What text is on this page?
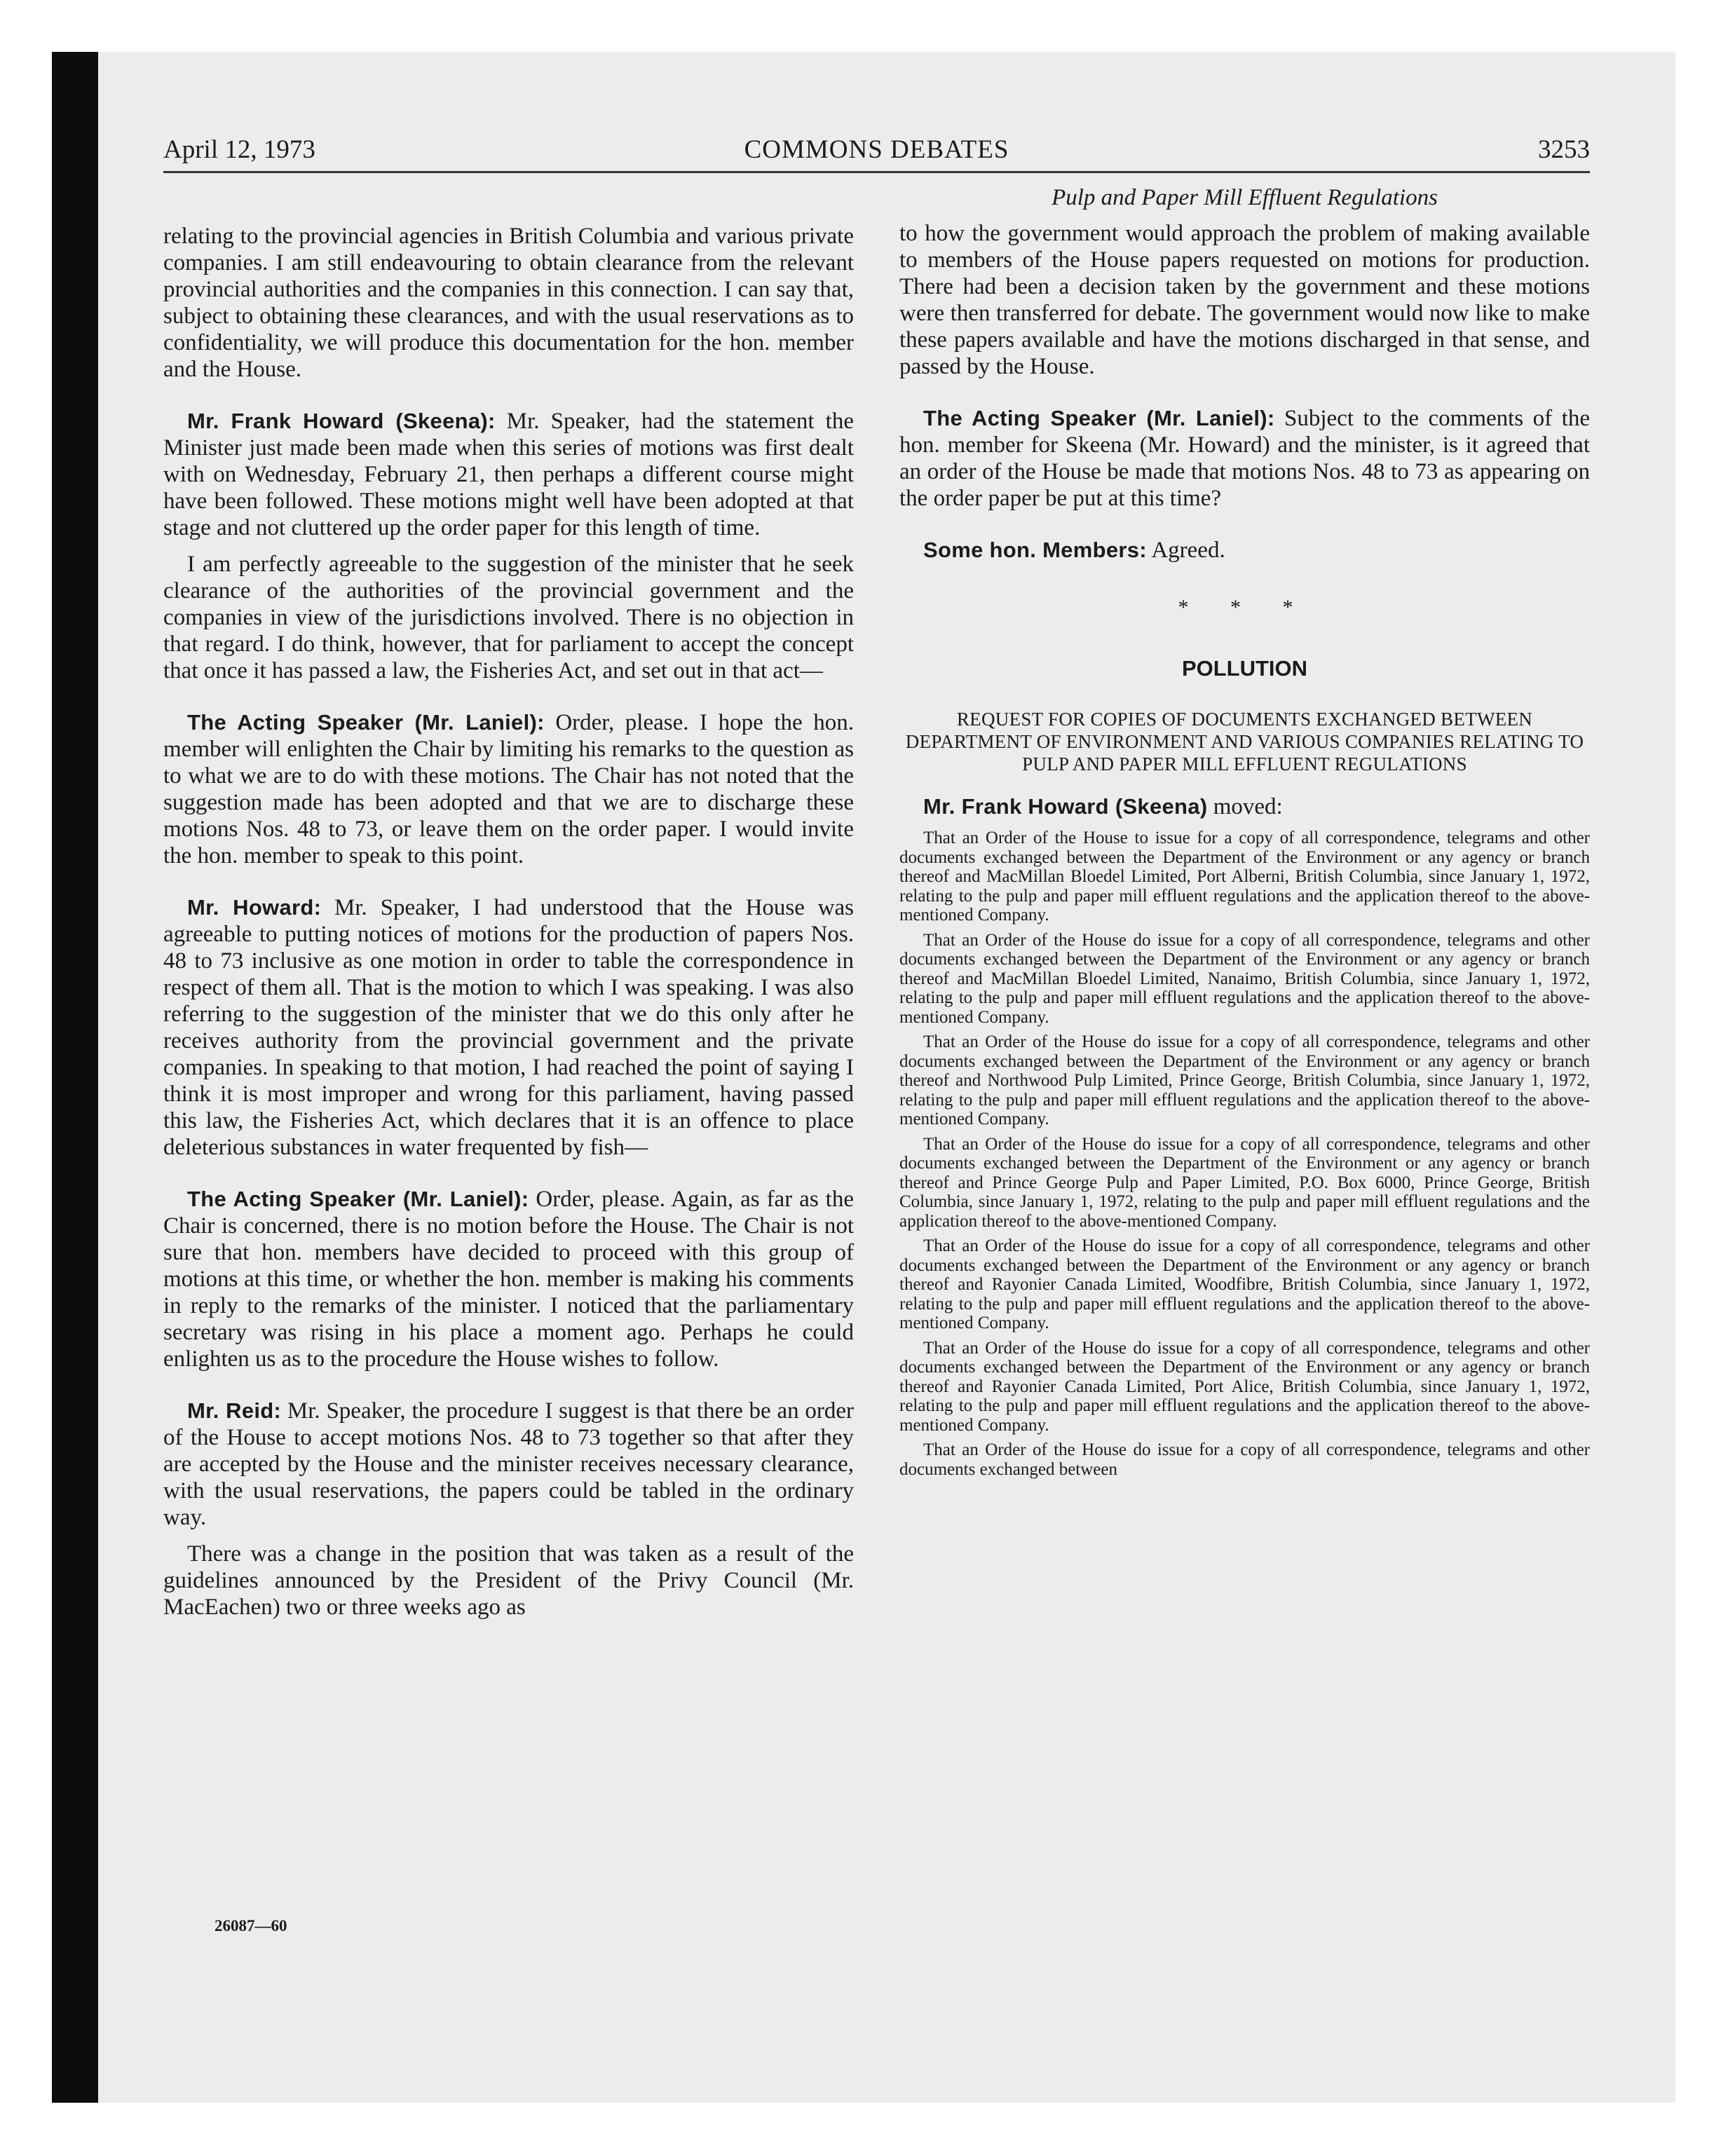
April 12, 1973	COMMONS DEBATES	3253

relating to the provincial agencies in British Columbia and various private companies. I am still endeavouring to obtain clearance from the relevant provincial authorities and the companies in this connection. I can say that, subject to obtaining these clearances, and with the usual reservations as to confidentiality, we will produce this documentation for the hon. member and the House.

Mr. Frank Howard (Skeena): Mr. Speaker, had the statement the Minister just made been made when this series of motions was first dealt with on Wednesday, February 21, then perhaps a different course might have been followed. These motions might well have been adopted at that stage and not cluttered up the order paper for this length of time.

I am perfectly agreeable to the suggestion of the minister that he seek clearance of the authorities of the provincial government and the companies in view of the jurisdictions involved. There is no objection in that regard. I do think, however, that for parliament to accept the concept that once it has passed a law, the Fisheries Act, and set out in that act—

The Acting Speaker (Mr. Laniel): Order, please. I hope the hon. member will enlighten the Chair by limiting his remarks to the question as to what we are to do with these motions. The Chair has not noted that the suggestion made has been adopted and that we are to discharge these motions Nos. 48 to 73, or leave them on the order paper. I would invite the hon. member to speak to this point.

Mr. Howard: Mr. Speaker, I had understood that the House was agreeable to putting notices of motions for the production of papers Nos. 48 to 73 inclusive as one motion in order to table the correspondence in respect of them all. That is the motion to which I was speaking. I was also referring to the suggestion of the minister that we do this only after he receives authority from the provincial government and the private companies. In speaking to that motion, I had reached the point of saying I think it is most improper and wrong for this parliament, having passed this law, the Fisheries Act, which declares that it is an offence to place deleterious substances in water frequented by fish—

The Acting Speaker (Mr. Laniel): Order, please. Again, as far as the Chair is concerned, there is no motion before the House. The Chair is not sure that hon. members have decided to proceed with this group of motions at this time, or whether the hon. member is making his comments in reply to the remarks of the minister. I noticed that the parliamentary secretary was rising in his place a moment ago. Perhaps he could enlighten us as to the procedure the House wishes to follow.

Mr. Reid: Mr. Speaker, the procedure I suggest is that there be an order of the House to accept motions Nos. 48 to 73 together so that after they are accepted by the House and the minister receives necessary clearance, with the usual reservations, the papers could be tabled in the ordinary way.

There was a change in the position that was taken as a result of the guidelines announced by the President of the Privy Council (Mr. MacEachen) two or three weeks ago as

Pulp and Paper Mill Effluent Regulations

to how the government would approach the problem of making available to members of the House papers requested on motions for production. There had been a decision taken by the government and these motions were then transferred for debate. The government would now like to make these papers available and have the motions discharged in that sense, and passed by the House.

The Acting Speaker (Mr. Laniel): Subject to the comments of the hon. member for Skeena (Mr. Howard) and the minister, is it agreed that an order of the House be made that motions Nos. 48 to 73 as appearing on the order paper be put at this time?

Some hon. Members: Agreed.

* * *

POLLUTION

REQUEST FOR COPIES OF DOCUMENTS EXCHANGED BETWEEN DEPARTMENT OF ENVIRONMENT AND VARIOUS COMPANIES RELATING TO PULP AND PAPER MILL EFFLUENT REGULATIONS

Mr. Frank Howard (Skeena) moved:

That an Order of the House to issue for a copy of all correspondence, telegrams and other documents exchanged between the Department of the Environment or any agency or branch thereof and MacMillan Bloedel Limited, Port Alberni, British Columbia, since January 1, 1972, relating to the pulp and paper mill effluent regulations and the application thereof to the above-mentioned Company.

That an Order of the House do issue for a copy of all correspondence, telegrams and other documents exchanged between the Department of the Environment or any agency or branch thereof and MacMillan Bloedel Limited, Nanaimo, British Columbia, since January 1, 1972, relating to the pulp and paper mill effluent regulations and the application thereof to the above-mentioned Company.

That an Order of the House do issue for a copy of all correspondence, telegrams and other documents exchanged between the Department of the Environment or any agency or branch thereof and Northwood Pulp Limited, Prince George, British Columbia, since January 1, 1972, relating to the pulp and paper mill effluent regulations and the application thereof to the above-mentioned Company.

That an Order of the House do issue for a copy of all correspondence, telegrams and other documents exchanged between the Department of the Environment or any agency or branch thereof and Prince George Pulp and Paper Limited, P.O. Box 6000, Prince George, British Columbia, since January 1, 1972, relating to the pulp and paper mill effluent regulations and the application thereof to the above-mentioned Company.

That an Order of the House do issue for a copy of all correspondence, telegrams and other documents exchanged between the Department of the Environment or any agency or branch thereof and Rayonier Canada Limited, Woodfibre, British Columbia, since January 1, 1972, relating to the pulp and paper mill effluent regulations and the application thereof to the above-mentioned Company.

That an Order of the House do issue for a copy of all correspondence, telegrams and other documents exchanged between the Department of the Environment or any agency or branch thereof and Rayonier Canada Limited, Port Alice, British Columbia, since January 1, 1972, relating to the pulp and paper mill effluent regulations and the application thereof to the above-mentioned Company.

That an Order of the House do issue for a copy of all correspondence, telegrams and other documents exchanged between

26087—60
